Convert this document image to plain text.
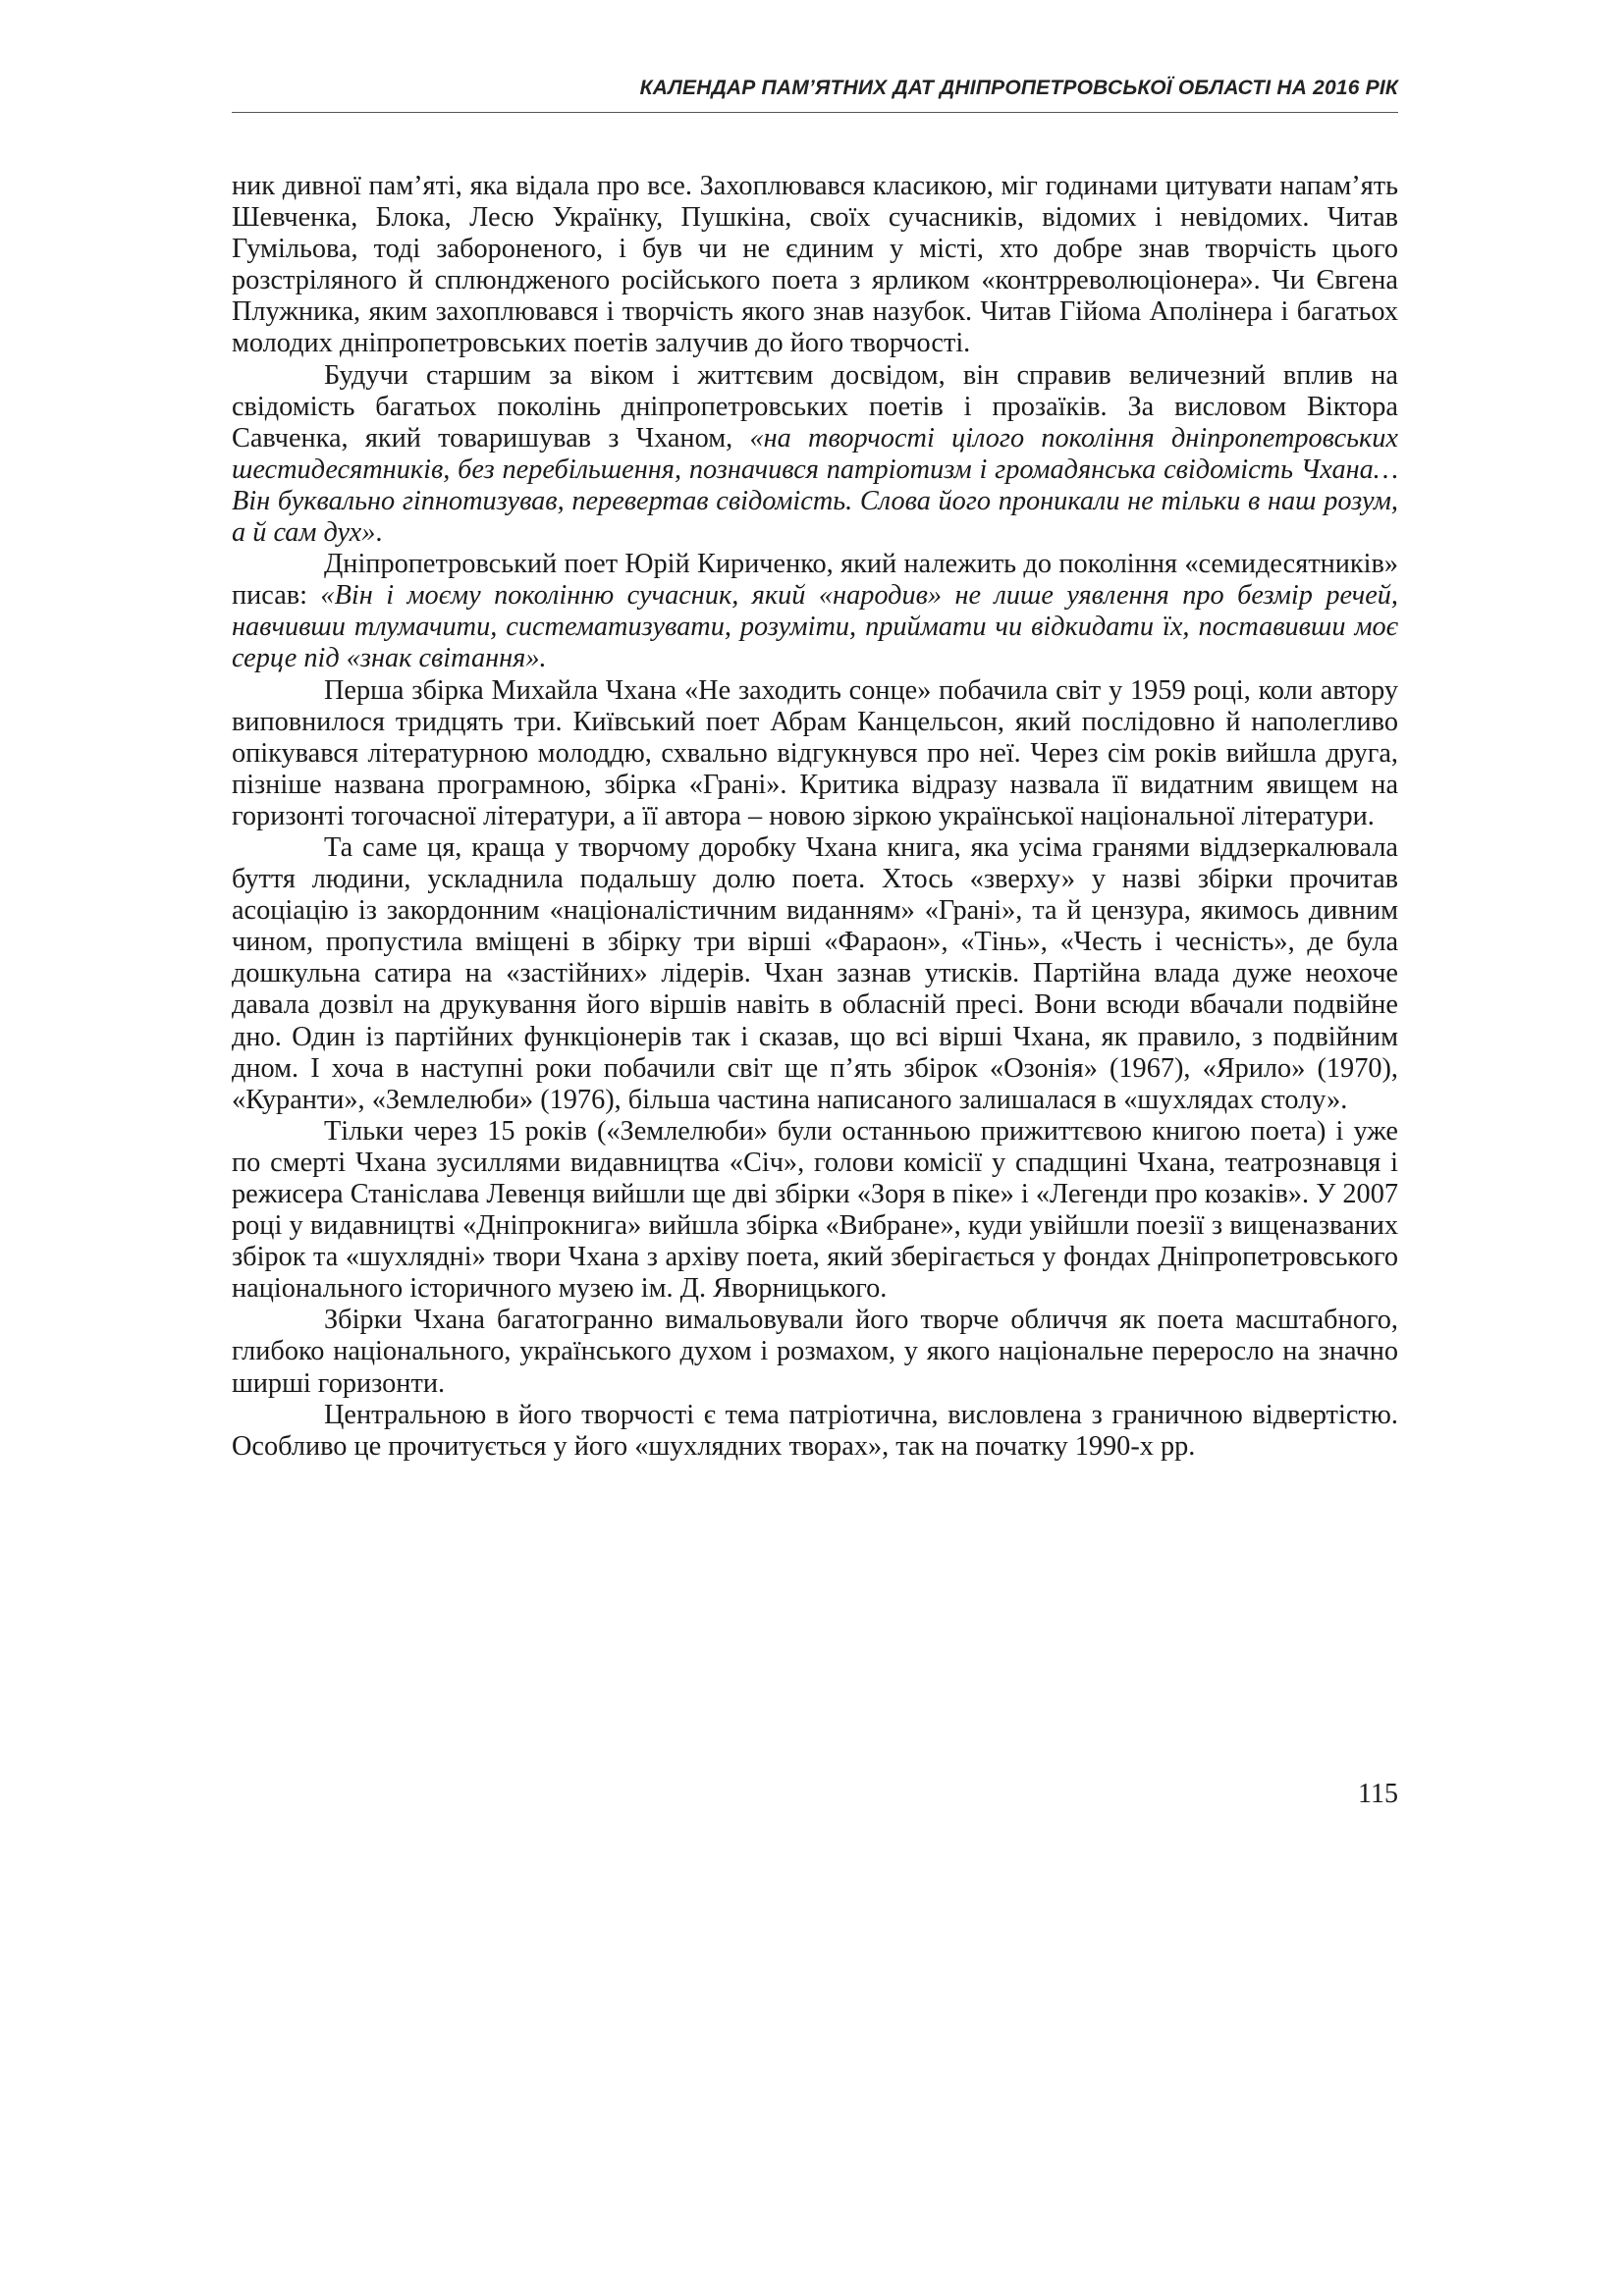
КАЛЕНДАР ПАМ’ЯТНИХ ДАТ ДНІПРОПЕТРОВСЬКОЇ ОБЛАСТІ НА 2016 РІК

ник дивної пам’яті, яка відала про все. Захоплювався класикою, міг годинами цитувати напам’ять Шевченка, Блока, Лесю Українку, Пушкіна, своїх сучасників, відомих і невідомих. Читав Гумільова, тоді забороненого, і був чи не єдиним у місті, хто добре знав творчість цього розстріляного й сплюндженого російського поета з ярликом «контрреволюціонера». Чи Євгена Плужника, яким захоплювався і творчість якого знав назубок. Читав Гійома Аполінера і багатьох молодих дніпропетровських поетів залучив до його творчості.

Будучи старшим за віком і життєвим досвідом, він справив величезний вплив на свідомість багатьох поколінь дніпропетровських поетів і прозаїків. За висловом Віктора Савченка, який товаришував з Чханом, «на творчості цілого покоління дніпропетровських шестидесятників, без перебільшення, позначився патріотизм і громадянська свідомість Чхана… Він буквально гіпнотизував, перевертав свідомість. Слова його проникали не тільки в наш розум, а й сам дух».

Дніпропетровський поет Юрій Кириченко, який належить до покоління «семидесятників» писав: «Він і моєму поколінню сучасник, який «народив» не лише уявлення про безмір речей, навчивши тлумачити, систематизувати, розуміти, приймати чи відкидати їх, поставивши моє серце під «знак світання».

Перша збірка Михайла Чхана «Не заходить сонце» побачила світ у 1959 році, коли автору виповнилося тридцять три. Київський поет Абрам Канцельсон, який послідовно й наполегливо опікувався літературною молоддю, схвально відгукнувся про неї. Через сім років вийшла друга, пізніше названа програмною, збірка «Грані». Критика відразу назвала її видатним явищем на горизонті тогочасної літератури, а її автора – новою зіркою української національної літератури.

Та саме ця, краща у творчому доробку Чхана книга, яка усіма гранями віддзеркалювала буття людини, ускладнила подальшу долю поета. Хтось «зверху» у назві збірки прочитав асоціацію із закордонним «націоналістичним виданням» «Грані», та й цензура, якимось дивним чином, пропустила вміщені в збірку три вірші «Фараон», «Тінь», «Честь і чесність», де була дошкульна сатира на «застійних» лідерів. Чхан зазнав утисків. Партійна влада дуже неохоче давала дозвіл на друкування його віршів навіть в обласній пресі. Вони всюди вбачали подвійне дно. Один із партійних функціонерів так і сказав, що всі вірші Чхана, як правило, з подвійним дном. І хоча в наступні роки побачили світ ще п’ять збірок «Озонія» (1967), «Ярило» (1970), «Куранти», «Землелюби» (1976), більша частина написаного залишалася в «шухлядах столу».

Тільки через 15 років («Землелюби» були останньою прижиттєвою книгою поета) і уже по смерті Чхана зусиллями видавництва «Січ», голови комісії у спадщині Чхана, театрознавця і режисера Станіслава Левенця вийшли ще дві збірки «Зоря в піке» і «Легенди про козаків». У 2007 році у видавництві «Дніпрокнига» вийшла збірка «Вибране», куди увійшли поезії з вищеназваних збірок та «шухлядні» твори Чхана з архіву поета, який зберігається у фондах Дніпропетровського національного історичного музею ім. Д. Яворницького.

Збірки Чхана багатогранно вимальовували його творче обличчя як поета масштабного, глибоко національного, українського духом і розмахом, у якого національне переросло на значно ширші горизонти.

Центральною в його творчості є тема патріотична, висловлена з граничною відвертістю. Особливо це прочитується у його «шухлядних творах», так на початку 1990-х рр.

115
